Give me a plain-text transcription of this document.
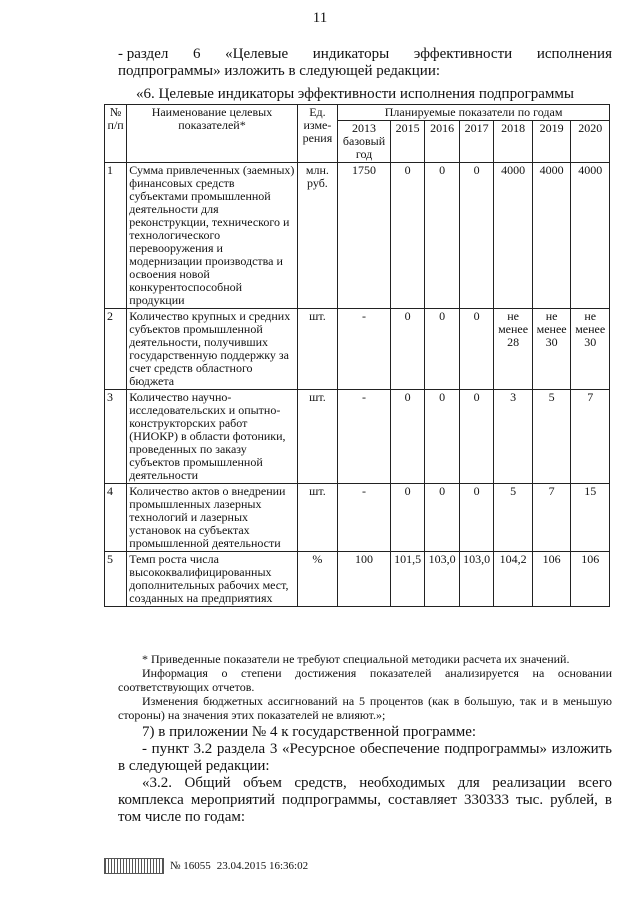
11
- раздел 6 «Целевые индикаторы эффективности исполнения
подпрограммы» изложить в следующей редакции:
«6. Целевые индикаторы эффективности исполнения подпрограммы
№ п/п	Наименование целевых показателей*	Ед. изме-рения	Планируемые показатели по годам						
			2013 базовый год	2015	2016	2017	2018	2019	2020
1	Сумма привлеченных (заемных) финансовых средств субъектами промышленной деятельности для реконструкции, технического и технологического перевооружения и модернизации производства и освоения новой конкурентоспособной продукции	млн. руб.	1750	0	0	0	4000	4000	4000
2	Количество крупных и средних субъектов промышленной деятельности, получивших государственную поддержку за счет средств областного бюджета	шт.	-	0	0	0	не менее 28	не менее 30	не менее 30
3	Количество научно-исследовательских и опытно-конструкторских работ (НИОКР) в области фотоники, проведенных по заказу субъектов промышленной деятельности	шт.	-	0	0	0	3	5	7
4	Количество актов о внедрении промышленных лазерных технологий и лазерных установок на субъектах промышленной деятельности	шт.	-	0	0	0	5	7	15
5	Темп роста числа высококвалифицированных дополнительных рабочих мест, созданных на предприятиях	%	100	101,5	103,0	103,0	104,2	106	106

* Приведенные показатели не требуют специальной методики расчета их значений.

Информация о степени достижения показателей анализируется на основании соответствующих отчетов.

Изменения бюджетных ассигнований на 5 процентов (как в большую, так и в меньшую стороны) на значения этих показателей не влияют.»;

7) в приложении № 4 к государственной программе:

- пункт 3.2 раздела 3 «Ресурсное обеспечение подпрограммы» изложить в следующей редакции:

«3.2. Общий объем средств, необходимых для реализации всего комплекса мероприятий подпрограммы, составляет 330333 тыс. рублей, в том числе по годам:

№ 16055 23.04.2015 16:36:02
